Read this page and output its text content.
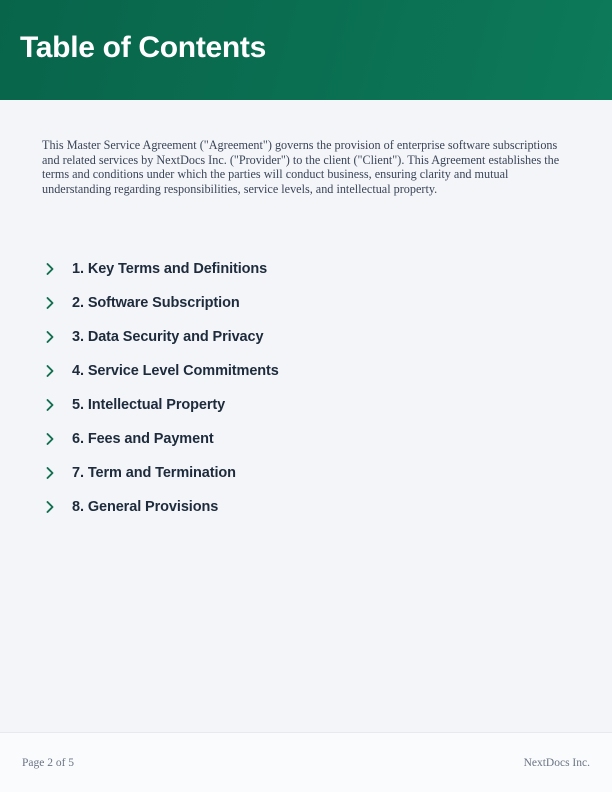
Table of Contents

This Master Service Agreement ("Agreement") governs the provision of enterprise software subscriptions and related services by NextDocs Inc. ("Provider") to the client ("Client"). This Agreement establishes the terms and conditions under which the parties will conduct business, ensuring clarity and mutual understanding regarding responsibilities, service levels, and intellectual property.

1. Key Terms and Definitions
2. Software Subscription
3. Data Security and Privacy
4. Service Level Commitments
5. Intellectual Property
6. Fees and Payment
7. Term and Termination
8. General Provisions
Page 2 of 5	NextDocs Inc.
